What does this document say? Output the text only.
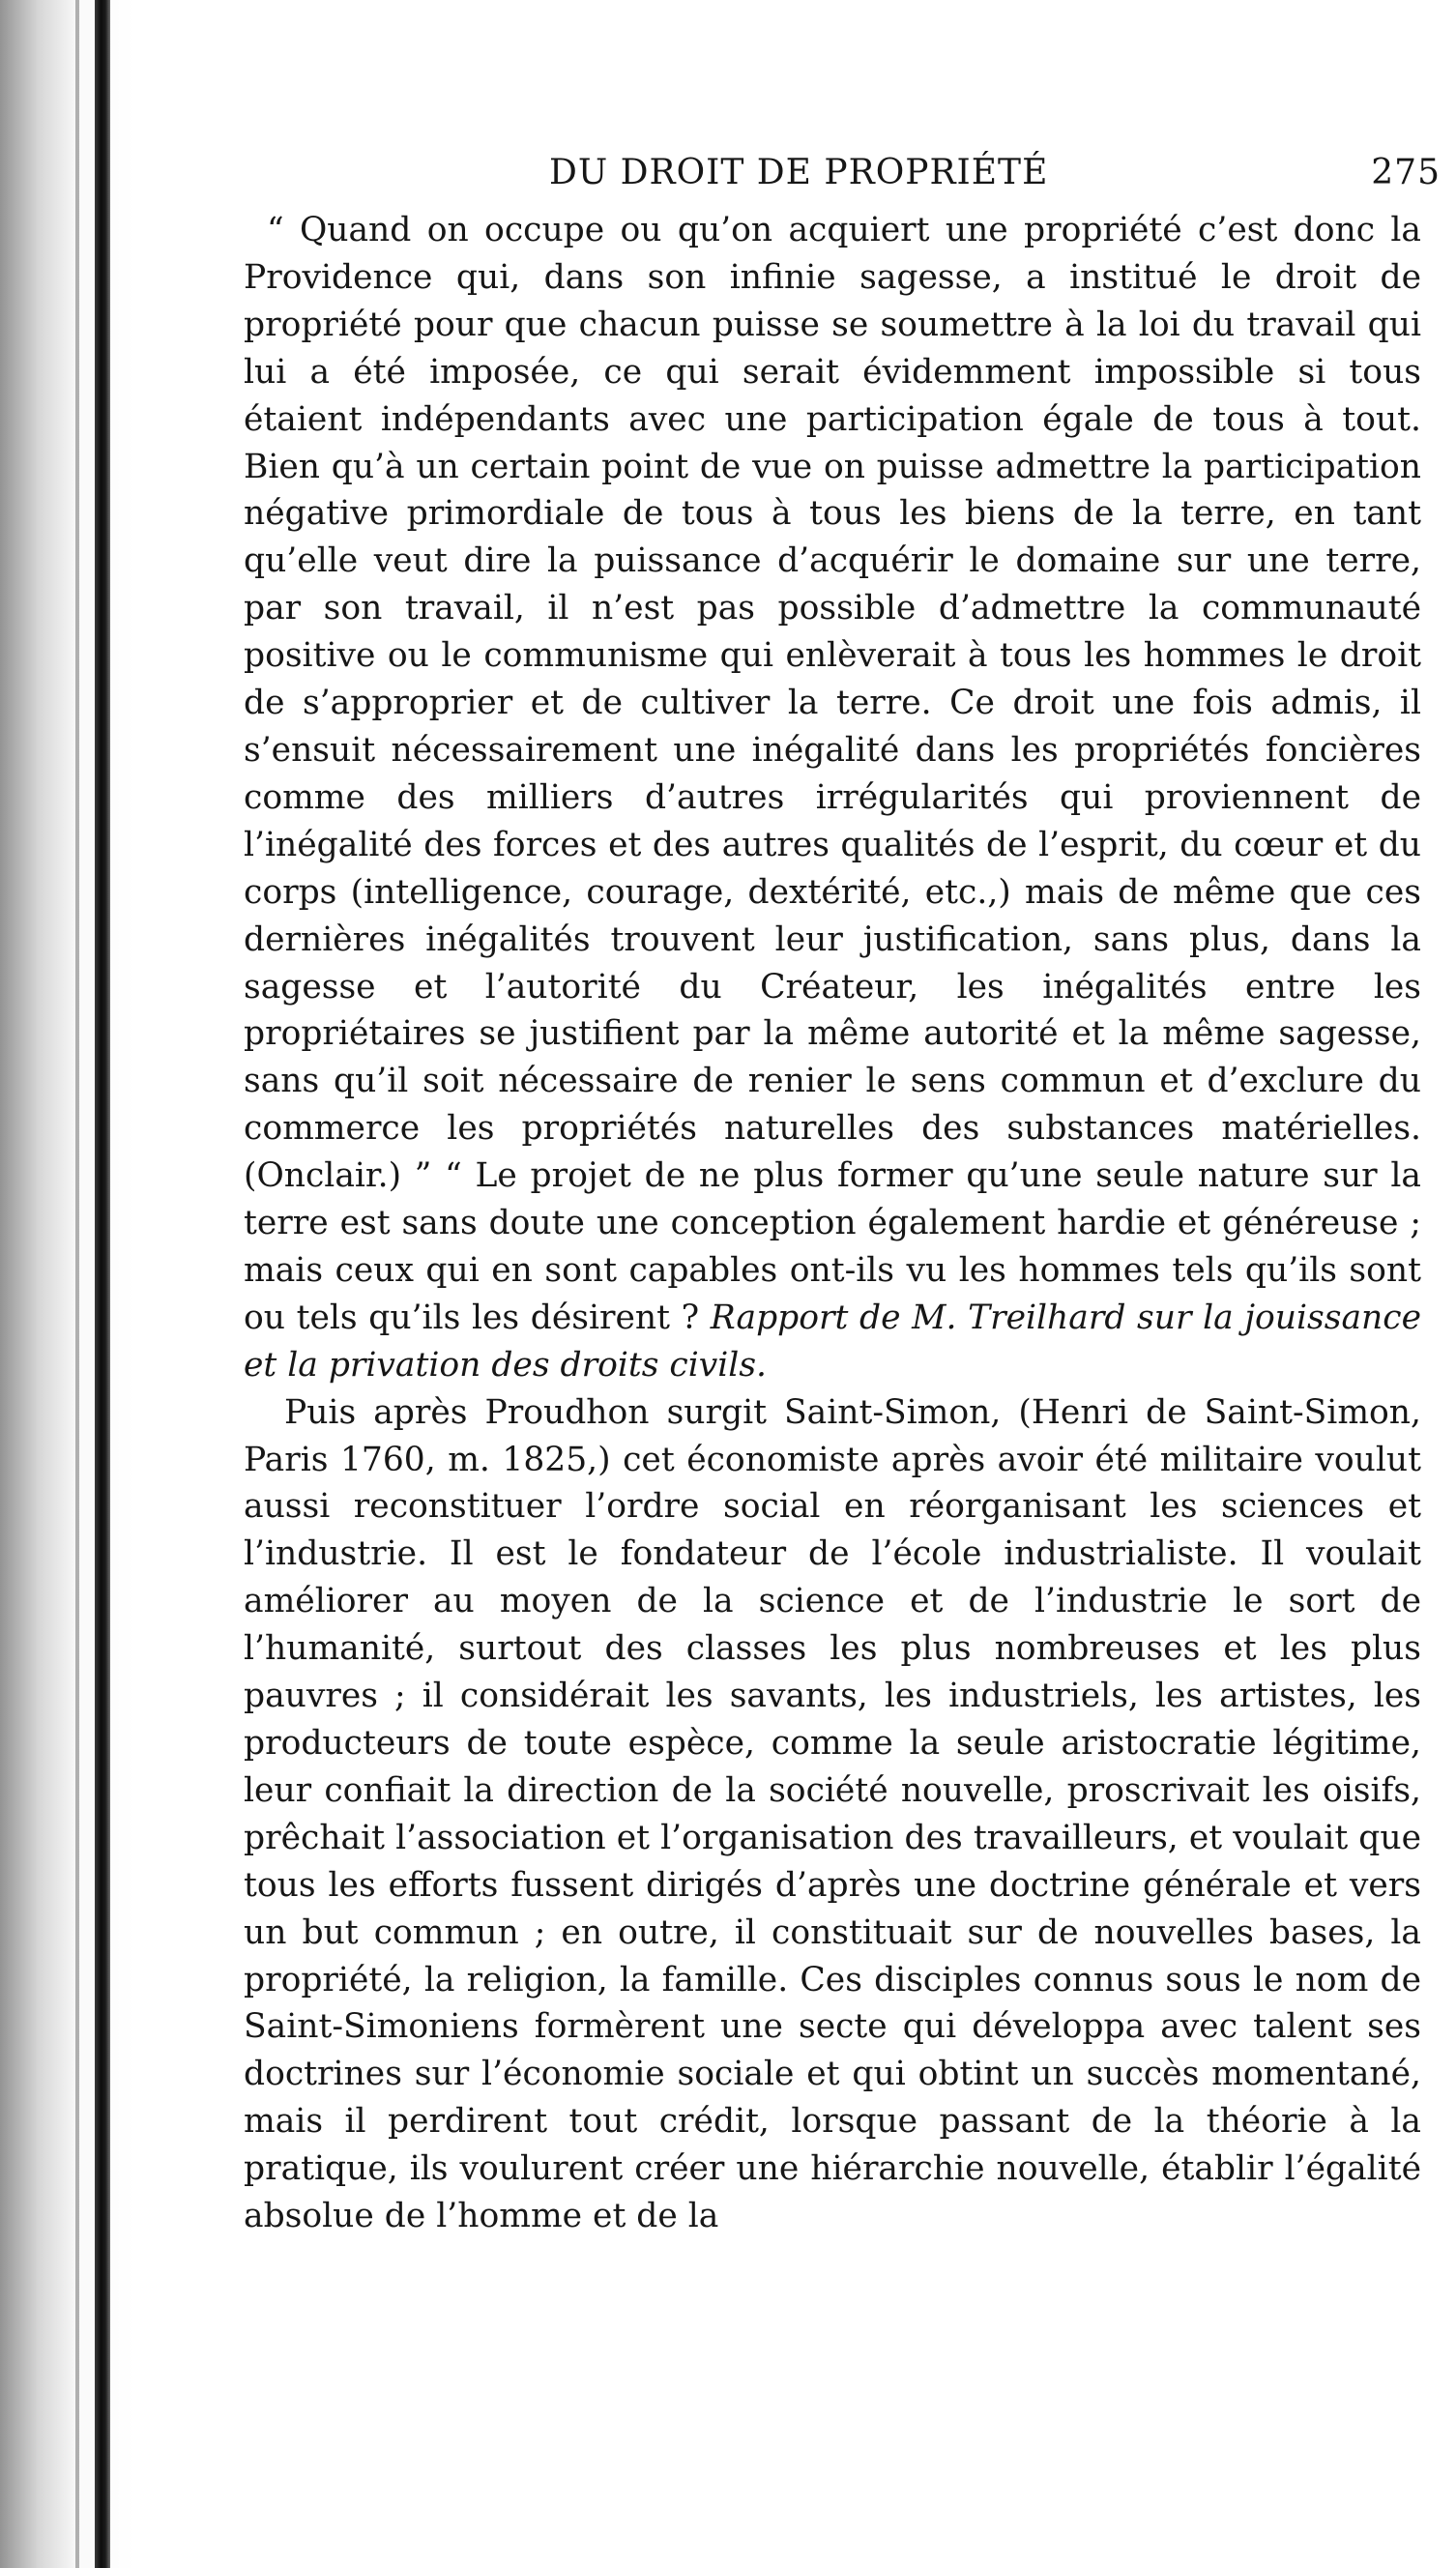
DU DROIT DE PROPRIÉTÉ	275

“ Quand on occupe ou qu’on acquiert une propriété c’est donc la Providence qui, dans son infinie sagesse, a institué le droit de propriété pour que chacun puisse se soumettre à la loi du travail qui lui a été imposée, ce qui serait évidemment impossible si tous étaient indépendants avec une participation égale de tous à tout. Bien qu’à un certain point de vue on puisse admettre la participation négative primordiale de tous à tous les biens de la terre, en tant qu’elle veut dire la puissance d’acquérir le domaine sur une terre, par son travail, il n’est pas possible d’admettre la communauté positive ou le communisme qui enlèverait à tous les hommes le droit de s’approprier et de cultiver la terre. Ce droit une fois admis, il s’ensuit nécessairement une inégalité dans les propriétés foncières comme des milliers d’autres irrégularités qui proviennent de l’inégalité des forces et des autres qualités de l’esprit, du cœur et du corps (intelligence, courage, dextérité, etc.,) mais de même que ces dernières inégalités trouvent leur justification, sans plus, dans la sagesse et l’autorité du Créateur, les inégalités entre les propriétaires se justifient par la même autorité et la même sagesse, sans qu’il soit nécessaire de renier le sens commun et d’exclure du commerce les propriétés naturelles des substances matérielles. (Onclair.) ” “ Le projet de ne plus former qu’une seule nature sur la terre est sans doute une conception également hardie et généreuse ; mais ceux qui en sont capables ont-ils vu les hommes tels qu’ils sont ou tels qu’ils les désirent ? Rapport de M. Treilhard sur la jouissance et la privation des droits civils.

Puis après Proudhon surgit Saint-Simon, (Henri de Saint-Simon, Paris 1760, m. 1825,) cet économiste après avoir été militaire voulut aussi reconstituer l’ordre social en réorganisant les sciences et l’industrie. Il est le fondateur de l’école industrialiste. Il voulait améliorer au moyen de la science et de l’industrie le sort de l’humanité, surtout des classes les plus nombreuses et les plus pauvres ; il considérait les savants, les industriels, les artistes, les producteurs de toute espèce, comme la seule aristocratie légitime, leur confiait la direction de la société nouvelle, proscrivait les oisifs, prêchait l’association et l’organisation des travailleurs, et voulait que tous les efforts fussent dirigés d’après une doctrine générale et vers un but commun ; en outre, il constituait sur de nouvelles bases, la propriété, la religion, la famille. Ces disciples connus sous le nom de Saint-Simoniens formèrent une secte qui développa avec talent ses doctrines sur l’économie sociale et qui obtint un succès momentané, mais il perdirent tout crédit, lorsque passant de la théorie à la pratique, ils voulurent créer une hiérarchie nouvelle, établir l’égalité absolue de l’homme et de la
